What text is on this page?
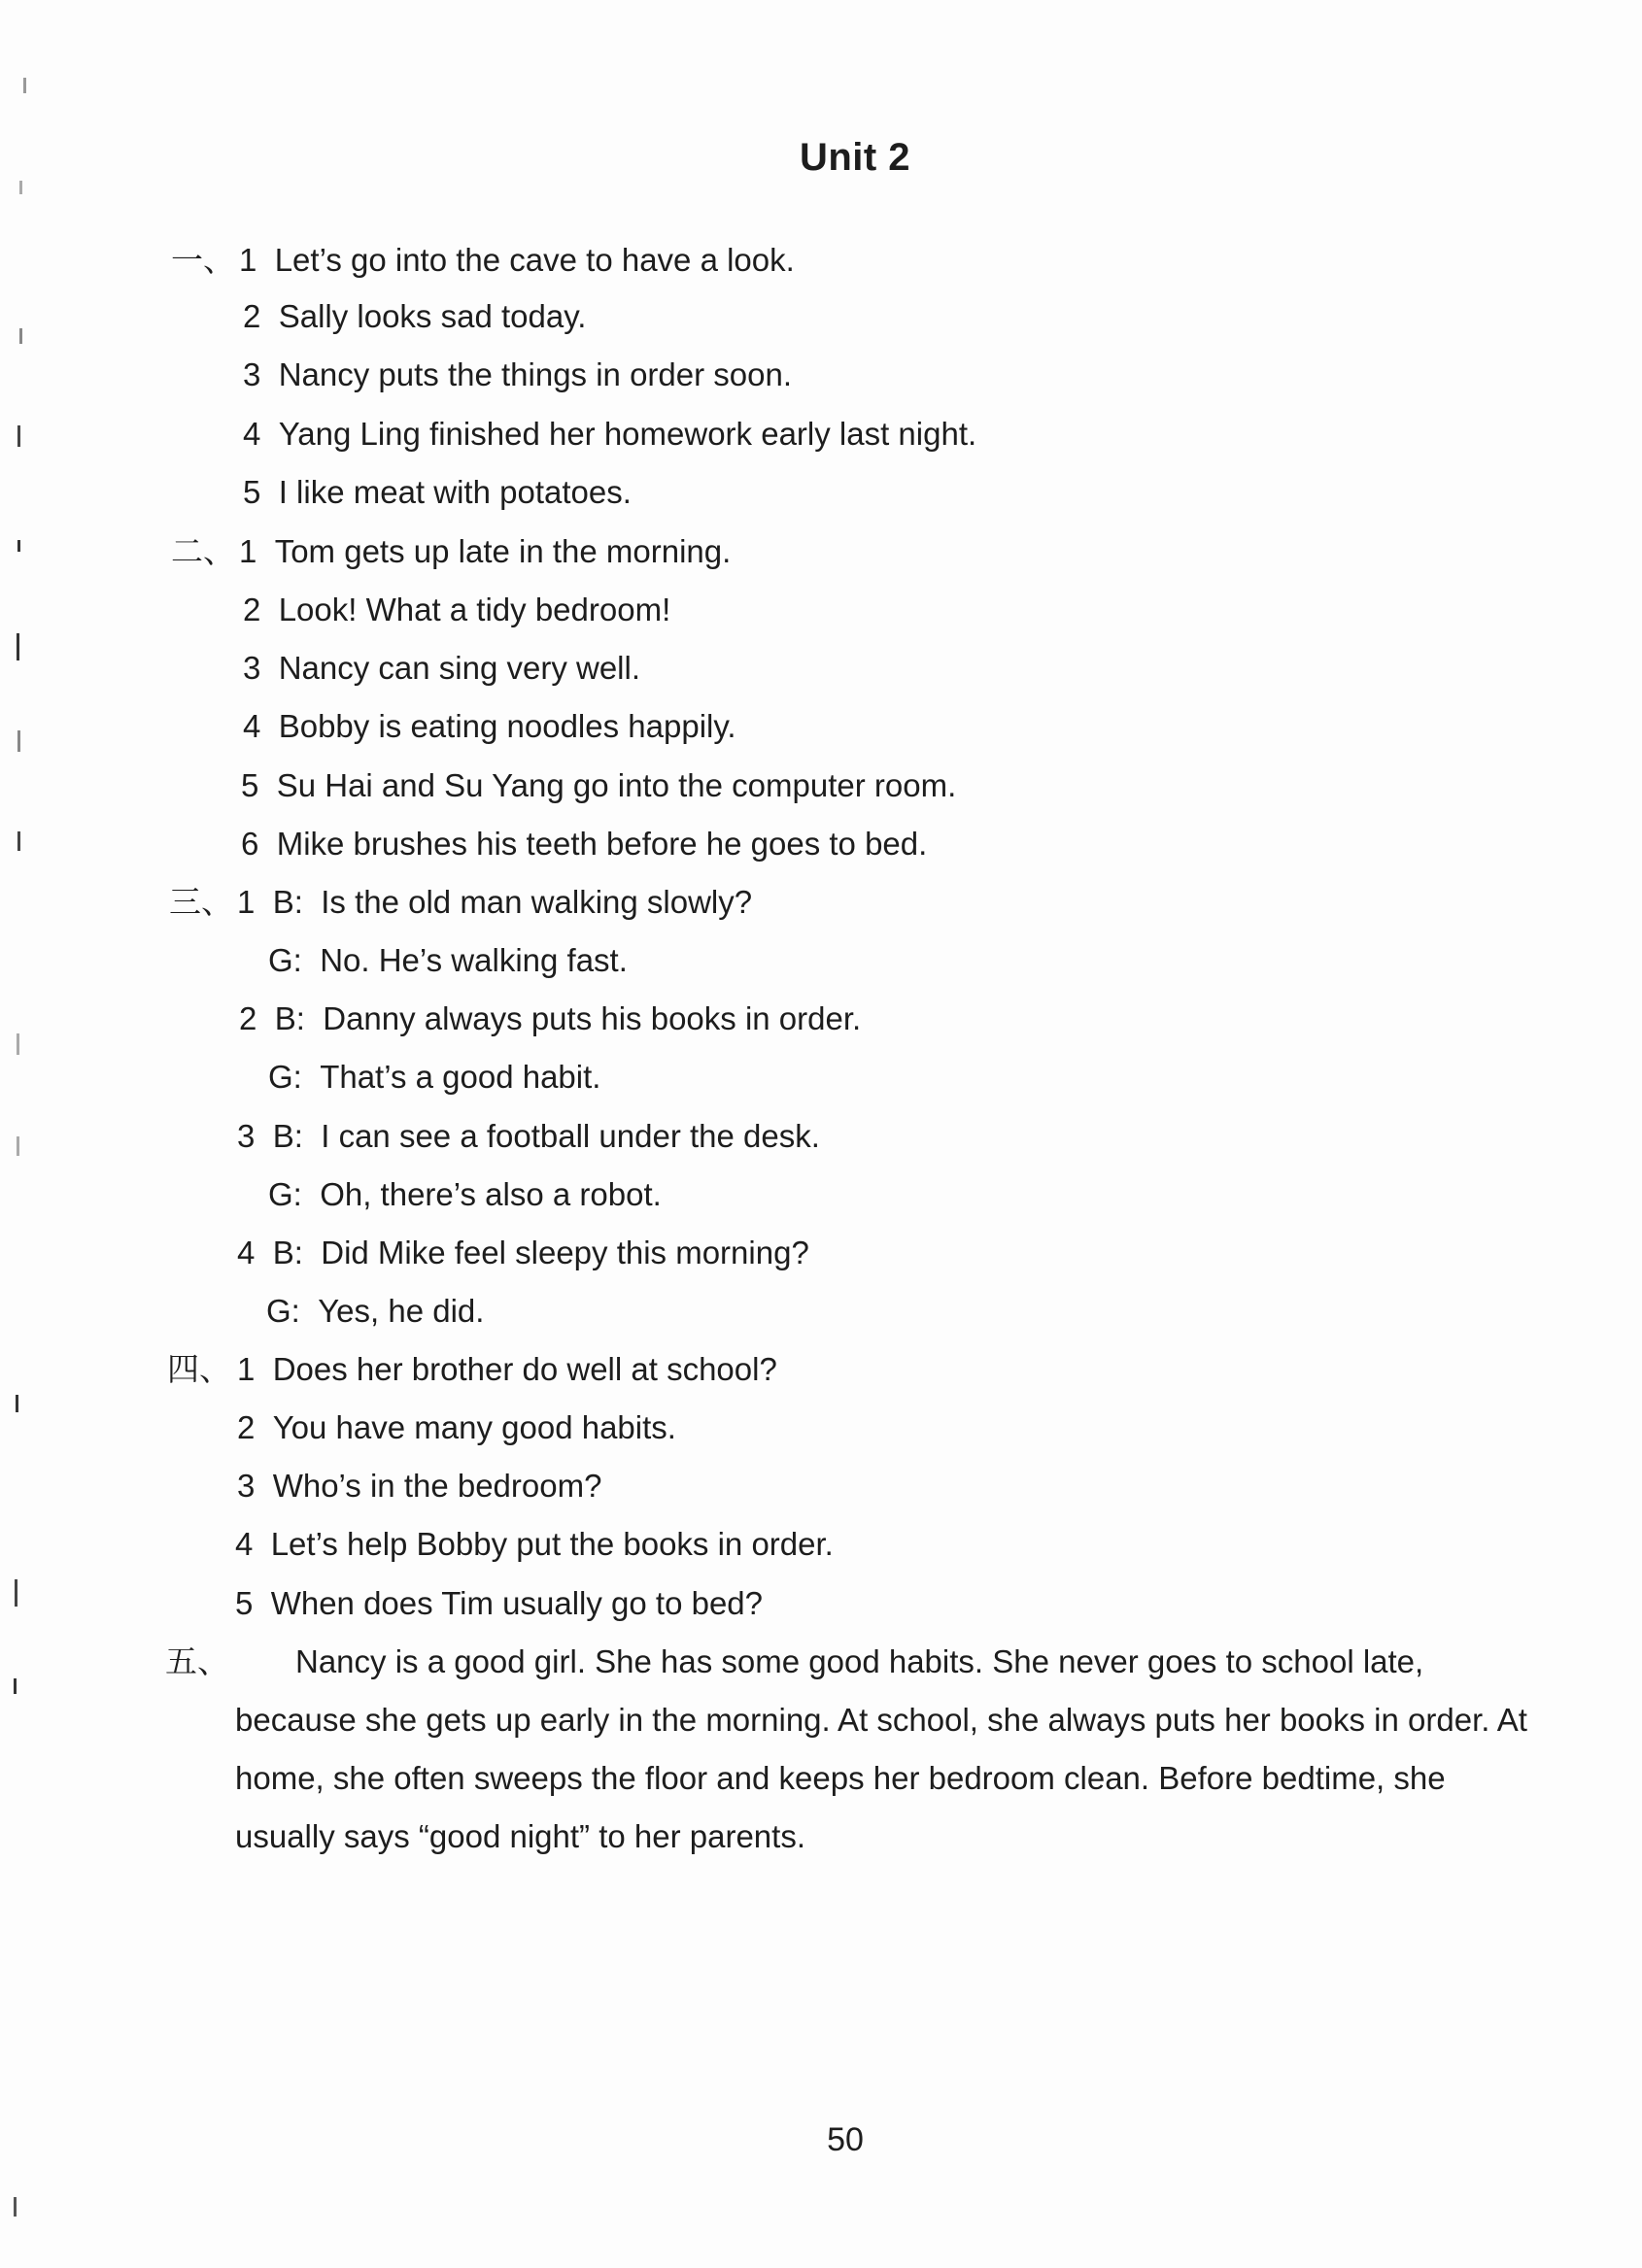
Unit 2
一、 1 Let’s go into the cave to have a look.
2 Sally looks sad today.
3 Nancy puts the things in order soon.
4 Yang Ling finished her homework early last night.
5 I like meat with potatoes.
二、 1 Tom gets up late in the morning.
2 Look! What a tidy bedroom!
3 Nancy can sing very well.
4 Bobby is eating noodles happily.
5 Su Hai and Su Yang go into the computer room.
6 Mike brushes his teeth before he goes to bed.
三、 1 B: Is the old man walking slowly?
G: No. He’s walking fast.
2 B: Danny always puts his books in order.
G: That’s a good habit.
3 B: I can see a football under the desk.
G: Oh, there’s also a robot.
4 B: Did Mike feel sleepy this morning?
G: Yes, he did.
四、 1 Does her brother do well at school?
2 You have many good habits.
3 Who’s in the bedroom?
4 Let’s help Bobby put the books in order.
5 When does Tim usually go to bed?
五、	Nancy is a good girl. She has some good habits. She never goes to school late, because she gets up early in the morning. At school, she always puts her books in order. At home, she often sweeps the floor and keeps her bedroom clean. Before bedtime, she usually says “good night” to her parents.
50
